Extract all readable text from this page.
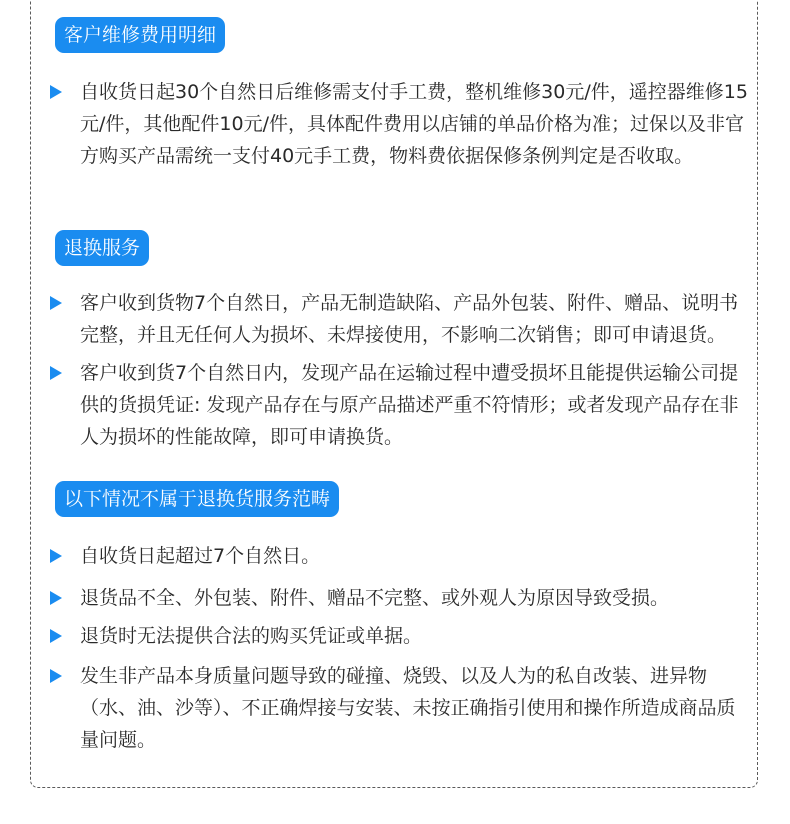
客户维修费用明细
自收货日起30个自然日后维修需支付手工费，整机维修30元/件，遥控器维修15元/件，其他配件10元/件，具体配件费用以店铺的单品价格为准；过保以及非官方购买产品需统一支付40元手工费，物料费依据保修条例判定是否收取。
退换服务
客户收到货物7个自然日，产品无制造缺陷、产品外包装、附件、赠品、说明书完整，并且无任何人为损坏、未焊接使用，不影响二次销售；即可申请退货。
客户收到货7个自然日内，发现产品在运输过程中遭受损坏且能提供运输公司提供的货损凭证: 发现产品存在与原产品描述严重不符情形；或者发现产品存在非人为损坏的性能故障，即可申请换货。
以下情况不属于退换货服务范畴
自收货日起超过7个自然日。
退货品不全、外包装、附件、赠品不完整、或外观人为原因导致受损。
退货时无法提供合法的购买凭证或单据。
发生非产品本身质量问题导致的碰撞、烧毁、以及人为的私自改装、进异物（水、油、沙等）、不正确焊接与安装、未按正确指引使用和操作所造成商品质量问题。
